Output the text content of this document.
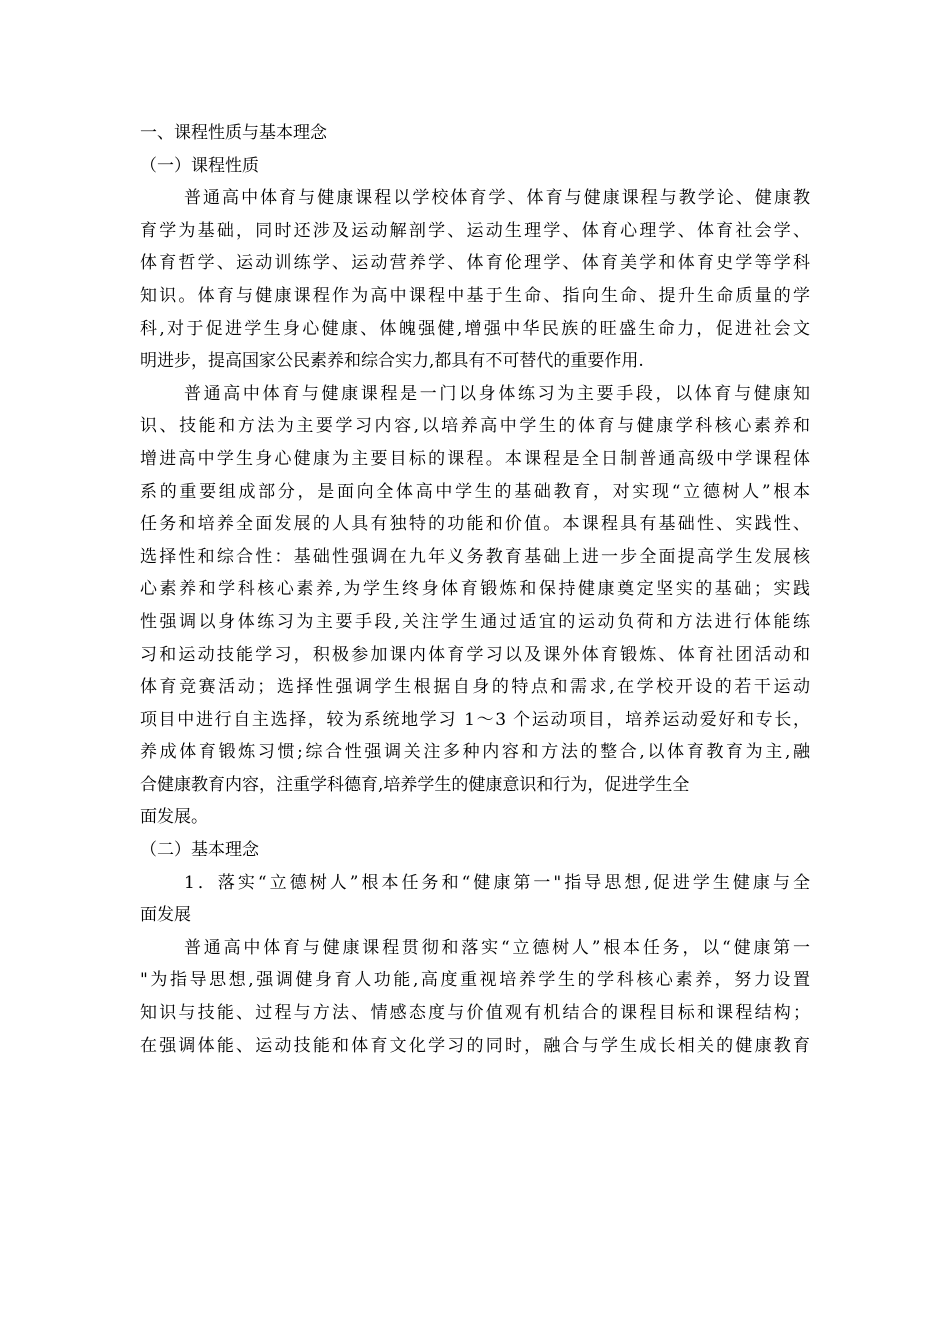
一、课程性质与基本理念
（一）课程性质
普通高中体育与健康课程以学校体育学、体育与健康课程与教学论、健康教
育学为基础，同时还涉及运动解剖学、运动生理学、体育心理学、体育社会学、
体育哲学、运动训练学、运动营养学、体育伦理学、体育美学和体育史学等学科
知识。体育与健康课程作为高中课程中基于生命、指向生命、提升生命质量的学
科,对于促进学生身心健康、体魄强健,增强中华民族的旺盛生命力，促进社会文
明进步，提高国家公民素养和综合实力,都具有不可替代的重要作用.
普通高中体育与健康课程是一门以身体练习为主要手段，以体育与健康知
识、技能和方法为主要学习内容,以培养高中学生的体育与健康学科核心素养和
增进高中学生身心健康为主要目标的课程。本课程是全日制普通高级中学课程体
系的重要组成部分，是面向全体高中学生的基础教育，对实现“立德树人”根本
任务和培养全面发展的人具有独特的功能和价值。本课程具有基础性、实践性、
选择性和综合性：基础性强调在九年义务教育基础上进一步全面提高学生发展核
心素养和学科核心素养,为学生终身体育锻炼和保持健康奠定坚实的基础；实践
性强调以身体练习为主要手段,关注学生通过适宜的运动负荷和方法进行体能练
习和运动技能学习，积极参加课内体育学习以及课外体育锻炼、体育社团活动和
体育竞赛活动；选择性强调学生根据自身的特点和需求,在学校开设的若干运动
项目中进行自主选择，较为系统地学习 1～3 个运动项目，培养运动爱好和专长，
养成体育锻炼习惯;综合性强调关注多种内容和方法的整合,以体育教育为主,融
合健康教育内容，注重学科德育,培养学生的健康意识和行为，促进学生全
面发展。
（二）基本理念
1．落实“立德树人”根本任务和“健康第一"指导思想,促进学生健康与全
面发展
普通高中体育与健康课程贯彻和落实“立德树人”根本任务，以“健康第一
"为指导思想,强调健身育人功能,高度重视培养学生的学科核心素养，努力设置
知识与技能、过程与方法、情感态度与价值观有机结合的课程目标和课程结构；
在强调体能、运动技能和体育文化学习的同时，融合与学生成长相关的健康教育
